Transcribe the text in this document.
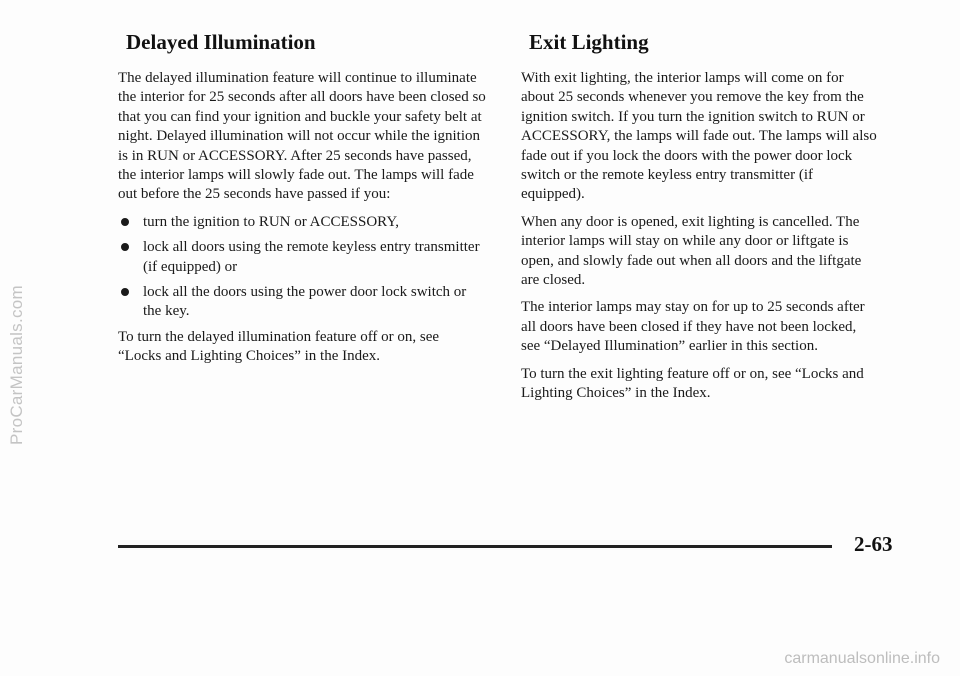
ProCarManuals.com
Delayed Illumination

The delayed illumination feature will continue to illuminate the interior for 25 seconds after all doors have been closed so that you can find your ignition and buckle your safety belt at night. Delayed illumination will not occur while the ignition is in RUN or ACCESSORY. After 25 seconds have passed, the interior lamps will slowly fade out. The lamps will fade out before the 25 seconds have passed if you:

turn the ignition to RUN or ACCESSORY,
lock all doors using the remote keyless entry transmitter (if equipped) or
lock all the doors using the power door lock switch or the key.

To turn the delayed illumination feature off or on, see “Locks and Lighting Choices” in the Index.

Exit Lighting

With exit lighting, the interior lamps will come on for about 25 seconds whenever you remove the key from the ignition switch. If you turn the ignition switch to RUN or ACCESSORY, the lamps will fade out. The lamps will also fade out if you lock the doors with the power door lock switch or the remote keyless entry transmitter (if equipped).

When any door is opened, exit lighting is cancelled. The interior lamps will stay on while any door or liftgate is open, and slowly fade out when all doors and the liftgate are closed.

The interior lamps may stay on for up to 25 seconds after all doors have been closed if they have not been locked, see “Delayed Illumination” earlier in this section.

To turn the exit lighting feature off or on, see “Locks and Lighting Choices” in the Index.

2-63
carmanualsonline.info
